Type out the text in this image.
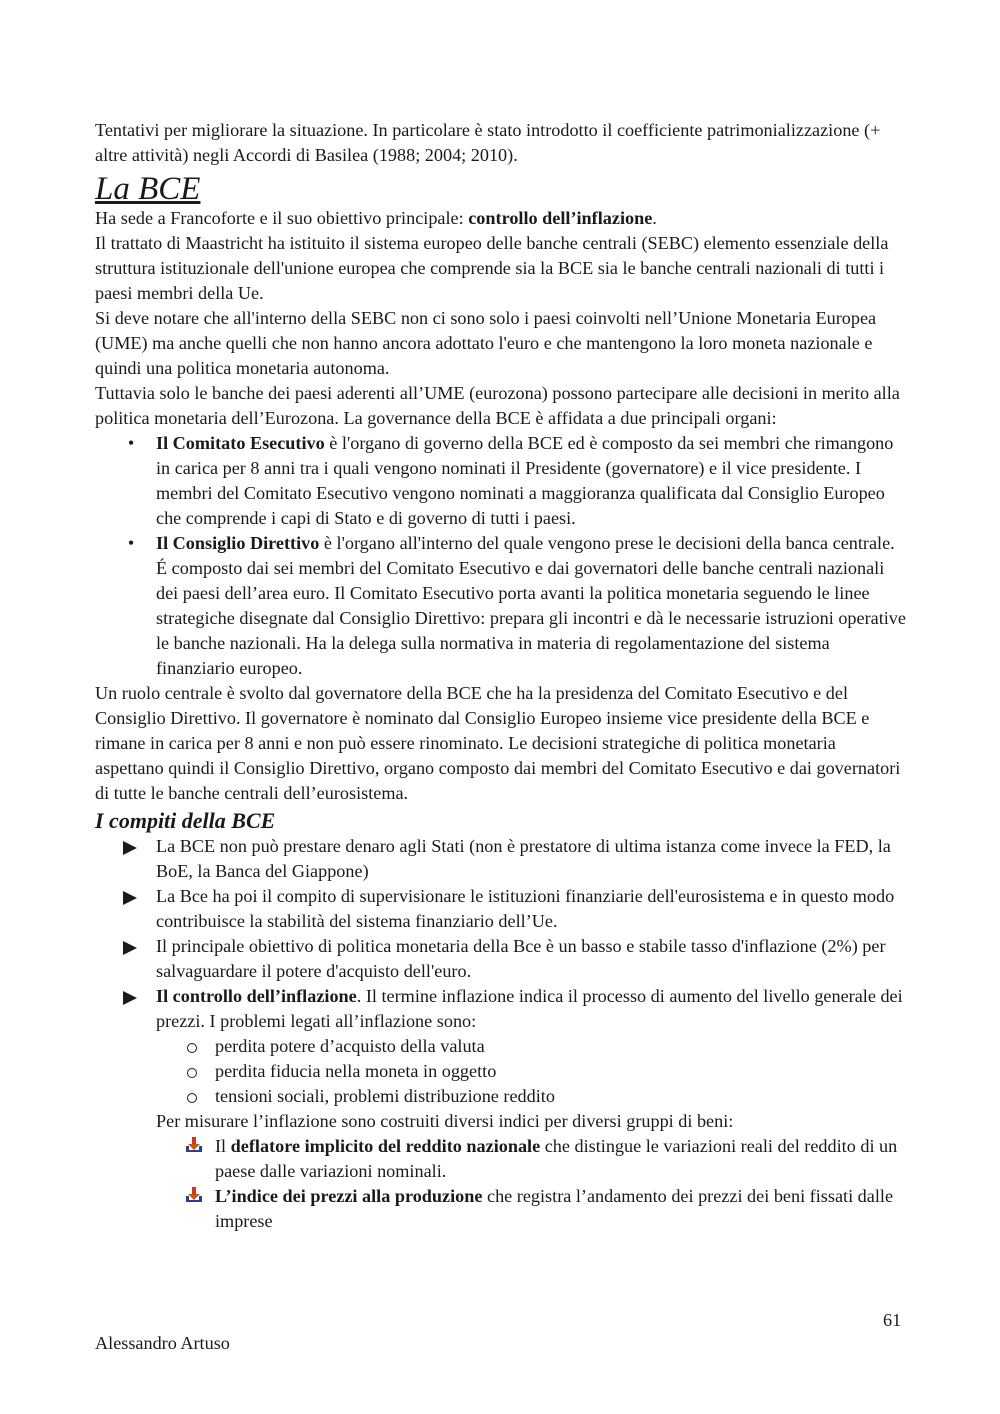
Tentativi per migliorare la situazione. In particolare è stato introdotto il coefficiente patrimonializzazione (+ altre attività) negli Accordi di Basilea (1988; 2004; 2010).

La BCE

Ha sede a Francoforte e il suo obiettivo principale: controllo dell’inflazione.

Il trattato di Maastricht ha istituito il sistema europeo delle banche centrali (SEBC) elemento essenziale della struttura istituzionale dell'unione europea che comprende sia la BCE sia le banche centrali nazionali di tutti i paesi membri della Ue.

Si deve notare che all'interno della SEBC non ci sono solo i paesi coinvolti nell’Unione Monetaria Europea (UME) ma anche quelli che non hanno ancora adottato l'euro e che mantengono la loro moneta nazionale e quindi una politica monetaria autonoma.

Tuttavia solo le banche dei paesi aderenti all’UME (eurozona) possono partecipare alle decisioni in merito alla politica monetaria dell’Eurozona. La governance della BCE è affidata a due principali organi:

• Il Comitato Esecutivo è l'organo di governo della BCE ed è composto da sei membri che rimangono in carica per 8 anni tra i quali vengono nominati il Presidente (governatore) e il vice presidente. I membri del Comitato Esecutivo vengono nominati a maggioranza qualificata dal Consiglio Europeo che comprende i capi di Stato e di governo di tutti i paesi.
• Il Consiglio Direttivo è l'organo all'interno del quale vengono prese le decisioni della banca centrale. É composto dai sei membri del Comitato Esecutivo e dai governatori delle banche centrali nazionali dei paesi dell’area euro. Il Comitato Esecutivo porta avanti la politica monetaria seguendo le linee strategiche disegnate dal Consiglio Direttivo: prepara gli incontri e dà le necessarie istruzioni operative le banche nazionali. Ha la delega sulla normativa in materia di regolamentazione del sistema finanziario europeo.

Un ruolo centrale è svolto dal governatore della BCE che ha la presidenza del Comitato Esecutivo e del Consiglio Direttivo. Il governatore è nominato dal Consiglio Europeo insieme vice presidente della BCE e rimane in carica per 8 anni e non può essere rinominato. Le decisioni strategiche di politica monetaria aspettano quindi il Consiglio Direttivo, organo composto dai membri del Comitato Esecutivo e dai governatori di tutte le banche centrali dell’eurosistema.

I compiti della BCE
La BCE non può prestare denaro agli Stati (non è prestatore di ultima istanza come invece la FED, la BoE, la Banca del Giappone)
La Bce ha poi il compito di supervisionare le istituzioni finanziarie dell'eurosistema e in questo modo contribuisce la stabilità del sistema finanziario dell’Ue.
Il principale obiettivo di politica monetaria della Bce è un basso e stabile tasso d'inflazione (2%) per salvaguardare il potere d'acquisto dell'euro.
Il controllo dell’inflazione. Il termine inflazione indica il processo di aumento del livello generale dei prezzi. I problemi legati all’inflazione sono:
perdita potere d’acquisto della valuta
perdita fiducia nella moneta in oggetto
tensioni sociali, problemi distribuzione reddito

Per misurare l’inflazione sono costruiti diversi indici per diversi gruppi di beni:

Il deflatore implicito del reddito nazionale che distingue le variazioni reali del reddito di un paese dalle variazioni nominali.
L’indice dei prezzi alla produzione che registra l’andamento dei prezzi dei beni fissati dalle imprese
61
Alessandro Artuso
